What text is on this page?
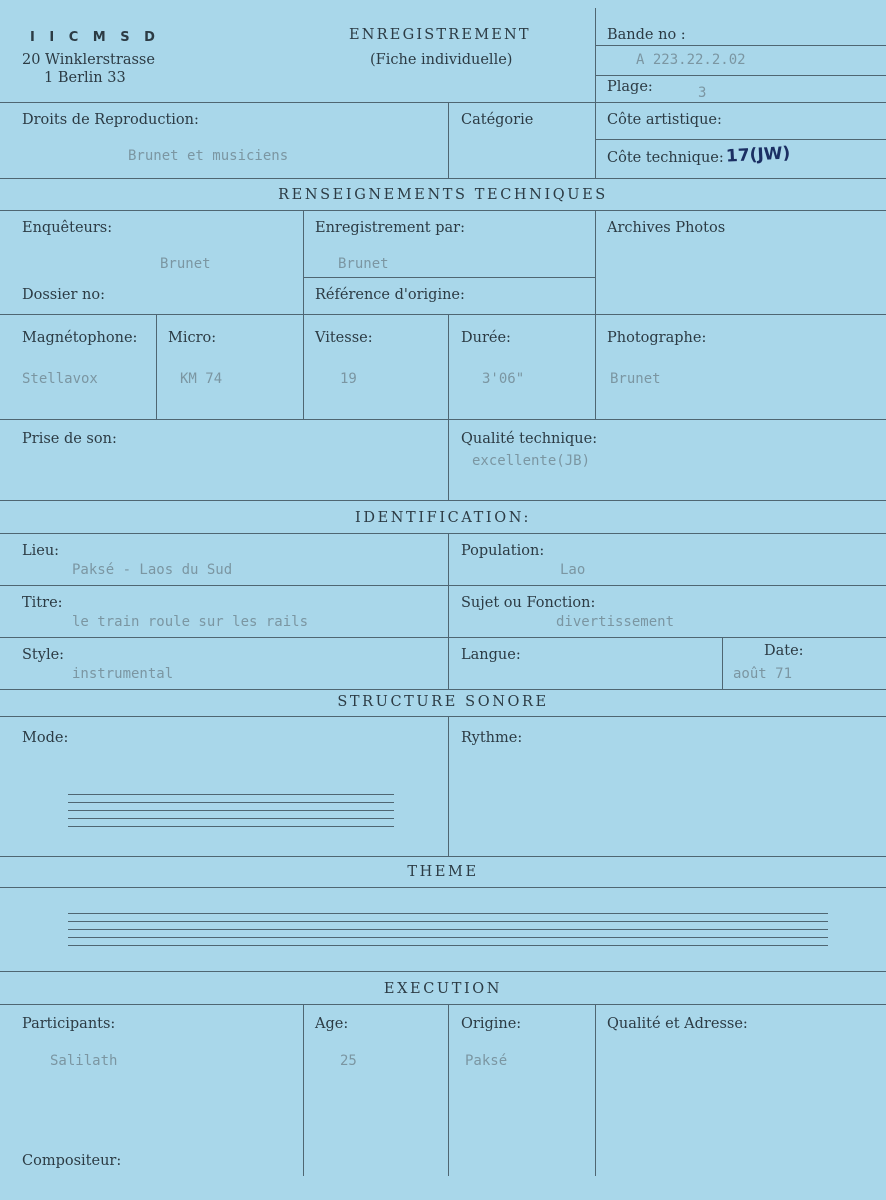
I I C M S D
20 Winklerstrasse
1 Berlin 33
ENREGISTREMENT
(Fiche individuelle)
Bande no :
A 223.22.2.02
Plage:	3
Droits de Reproduction:
Brunet et musiciens
Catégorie	Côte artistique:
Côte technique: 17(JW)
RENSEIGNEMENTS TECHNIQUES
Enquêteurs:
Brunet
Enregistrement par:
Brunet
Archives Photos
Dossier no:	Référence d'origine:
Magnétophone:
Stellavox
Micro:
KM 74
Vitesse:
19
Durée:
3'06"
Photographe:
Brunet
Prise de son:	Qualité technique:
excellente(JB)
IDENTIFICATION:
Lieu:
Paksé - Laos du Sud
Population:
Lao
Titre:
le train roule sur les rails
Sujet ou Fonction:
divertissement
Style:
instrumental
Langue:	Date:
août 71
STRUCTURE SONORE
Mode:	Rythme:
THEME
EXECUTION
Participants:
Salilath
Age:
25
Origine:
Paksé
Qualité et Adresse:
Compositeur:
